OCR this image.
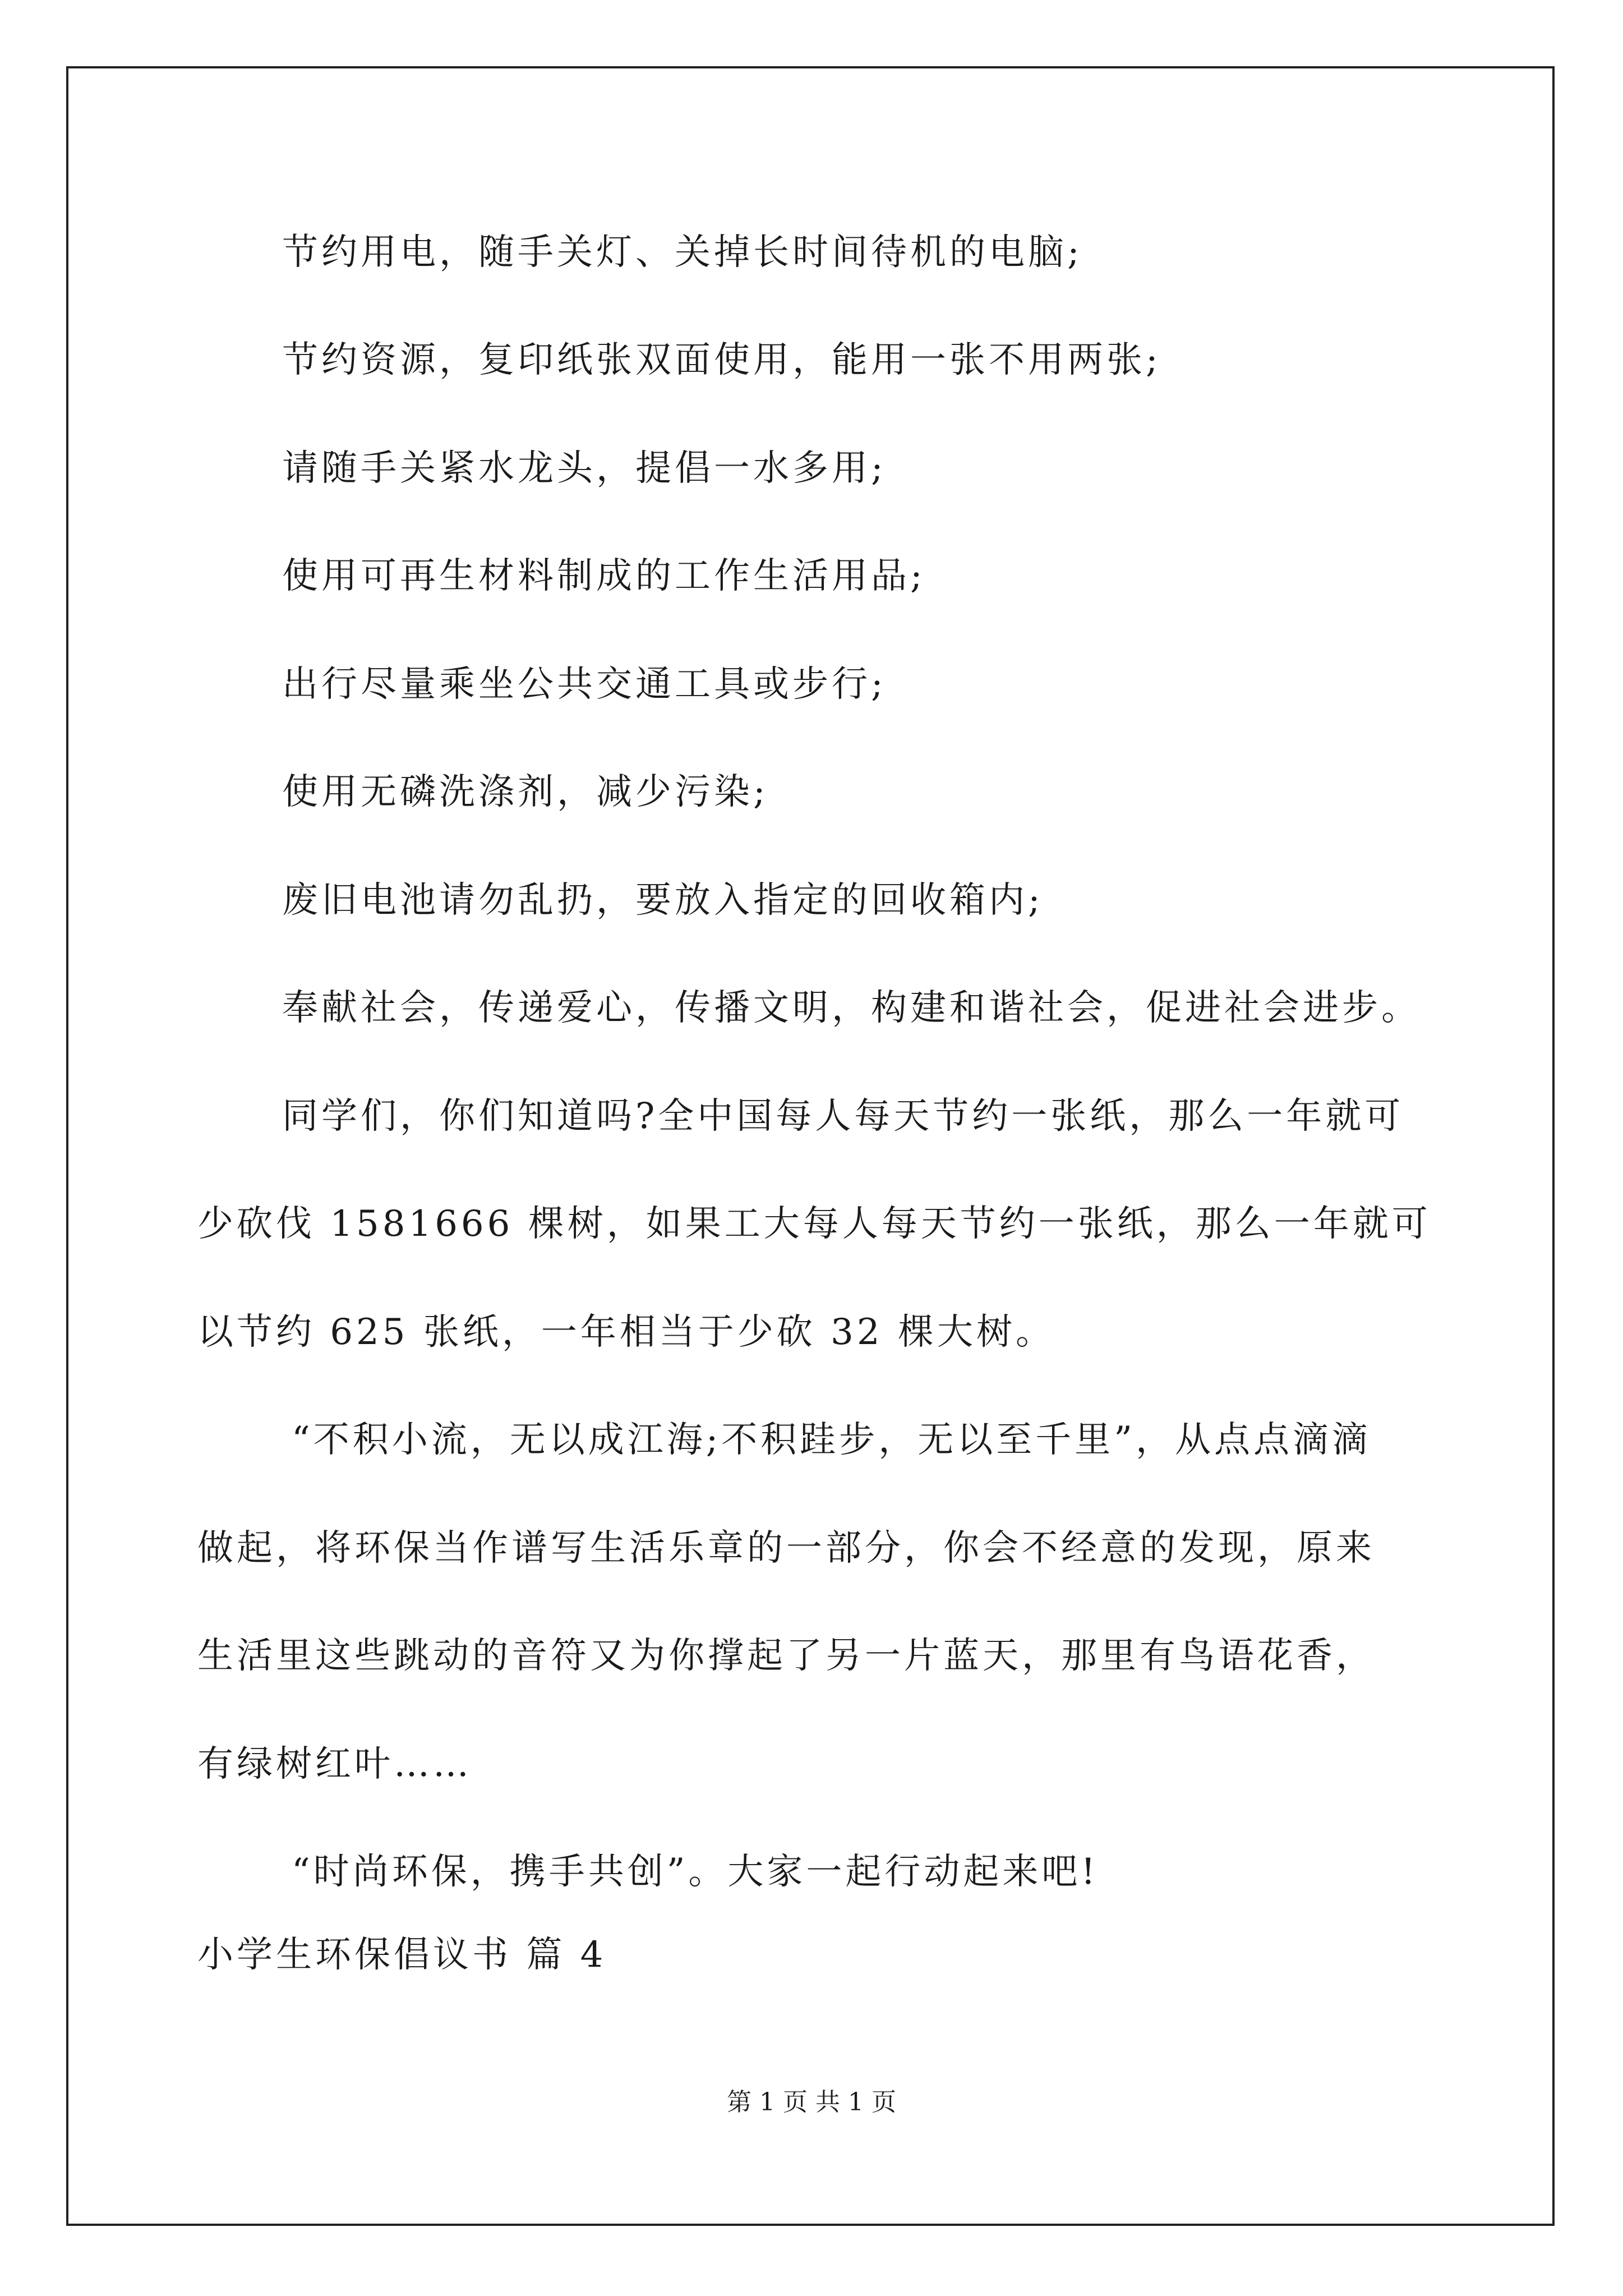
节约用电，随手关灯、关掉长时间待机的电脑;
节约资源，复印纸张双面使用，能用一张不用两张;
请随手关紧水龙头，提倡一水多用;
使用可再生材料制成的工作生活用品;
出行尽量乘坐公共交通工具或步行;
使用无磷洗涤剂，减少污染;
废旧电池请勿乱扔，要放入指定的回收箱内;
奉献社会，传递爱心，传播文明，构建和谐社会，促进社会进步。
同学们，你们知道吗?全中国每人每天节约一张纸，那么一年就可
少砍伐 1581666 棵树，如果工大每人每天节约一张纸，那么一年就可
以节约 625 张纸，一年相当于少砍 32 棵大树。
“不积小流，无以成江海;不积跬步，无以至千里”，从点点滴滴
做起，将环保当作谱写生活乐章的一部分，你会不经意的发现，原来
生活里这些跳动的音符又为你撑起了另一片蓝天，那里有鸟语花香，
有绿树红叶……
“时尚环保，携手共创”。大家一起行动起来吧!
小学生环保倡议书 篇 4
第 1 页 共 1 页
